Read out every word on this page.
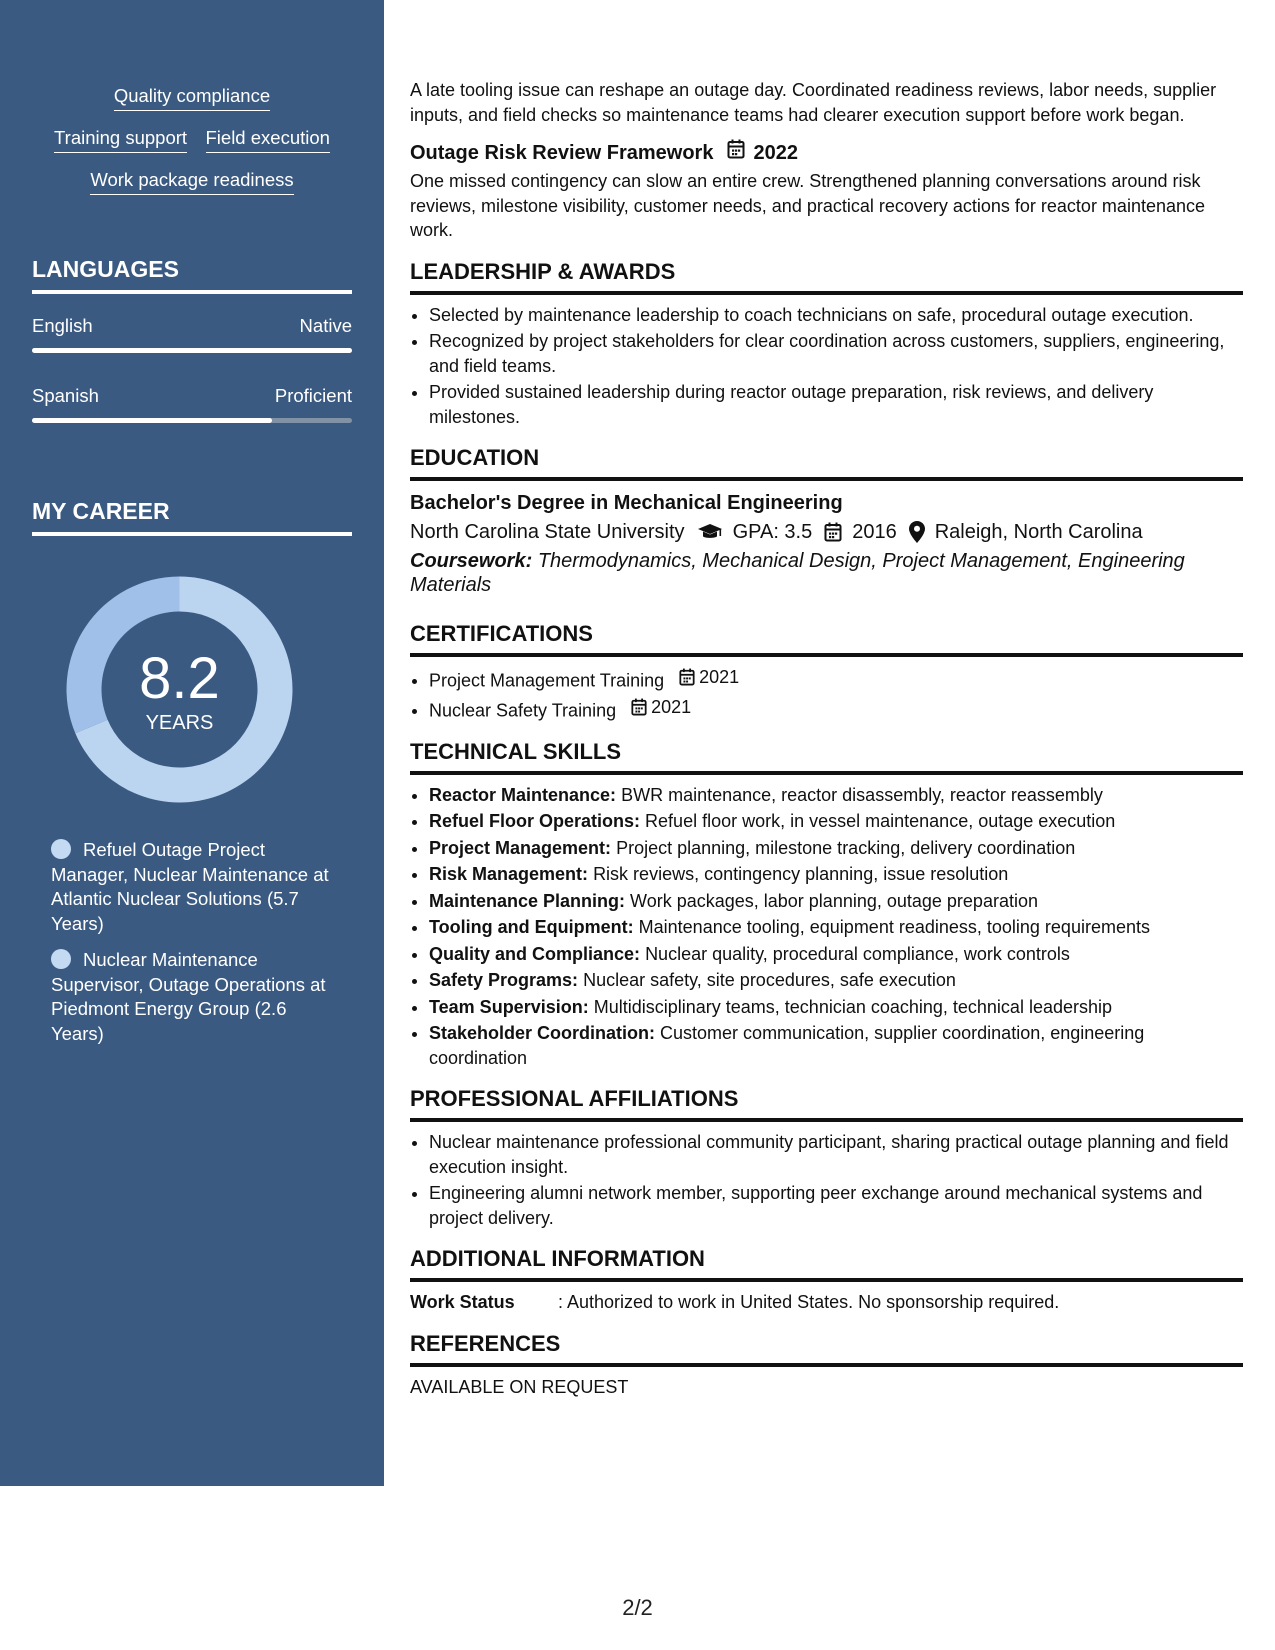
Quality compliance
Training support Field execution
Work package readiness
LANGUAGES
English	Native
Spanish	Proficient
MY CAREER
8.2
YEARS
Refuel Outage Project Manager, Nuclear Maintenance at Atlantic Nuclear Solutions (5.7 Years)
Nuclear Maintenance Supervisor, Outage Operations at Piedmont Energy Group (2.6 Years)

A late tooling issue can reshape an outage day. Coordinated readiness reviews, labor needs, supplier inputs, and field checks so maintenance teams had clearer execution support before work began.

Outage Risk Review Framework 2022

One missed contingency can slow an entire crew. Strengthened planning conversations around risk reviews, milestone visibility, customer needs, and practical recovery actions for reactor maintenance work.

LEADERSHIP & AWARDS
• Selected by maintenance leadership to coach technicians on safe, procedural outage execution.
• Recognized by project stakeholders for clear coordination across customers, suppliers, engineering, and field teams.
• Provided sustained leadership during reactor outage preparation, risk reviews, and delivery milestones.
EDUCATION
Bachelor's Degree in Mechanical Engineering
North Carolina State University GPA: 3.5 2016 Raleigh, North Carolina
Coursework: Thermodynamics, Mechanical Design, Project Management, Engineering Materials
CERTIFICATIONS
• Project Management Training 2021
• Nuclear Safety Training 2021
TECHNICAL SKILLS
• Reactor Maintenance: BWR maintenance, reactor disassembly, reactor reassembly
• Refuel Floor Operations: Refuel floor work, in vessel maintenance, outage execution
• Project Management: Project planning, milestone tracking, delivery coordination
• Risk Management: Risk reviews, contingency planning, issue resolution
• Maintenance Planning: Work packages, labor planning, outage preparation
• Tooling and Equipment: Maintenance tooling, equipment readiness, tooling requirements
• Quality and Compliance: Nuclear quality, procedural compliance, work controls
• Safety Programs: Nuclear safety, site procedures, safe execution
• Team Supervision: Multidisciplinary teams, technician coaching, technical leadership
• Stakeholder Coordination: Customer communication, supplier coordination, engineering coordination
PROFESSIONAL AFFILIATIONS
• Nuclear maintenance professional community participant, sharing practical outage planning and field execution insight.
• Engineering alumni network member, supporting peer exchange around mechanical systems and project delivery.
ADDITIONAL INFORMATION
Work Status	: Authorized to work in United States. No sponsorship required.
REFERENCES
AVAILABLE ON REQUEST
2/2
